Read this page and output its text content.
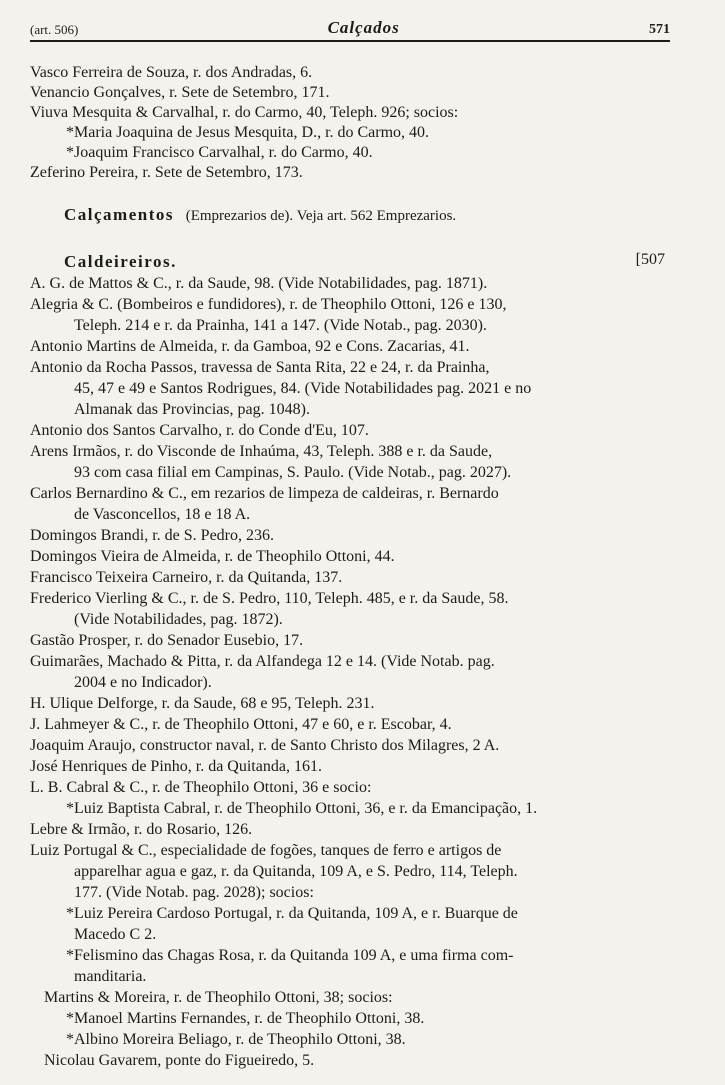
(art. 506)	Calçados	571
Vasco Ferreira de Souza, r. dos Andradas, 6.
Venancio Gonçalves, r. Sete de Setembro, 171.
Viuva Mesquita & Carvalhal, r. do Carmo, 40, Teleph. 926; socios:
*Maria Joaquina de Jesus Mesquita, D., r. do Carmo, 40.
*Joaquim Francisco Carvalhal, r. do Carmo, 40.
Zeferino Pereira, r. Sete de Setembro, 173.
Calçamentos (Emprezarios de). Veja art. 562 Emprezarios.
Caldeireiros.	[507
A. G. de Mattos & C., r. da Saude, 98. (Vide Notabilidades, pag. 1871).
Alegria & C. (Bombeiros e fundidores), r. de Theophilo Ottoni, 126 e 130,
Teleph. 214 e r. da Prainha, 141 a 147. (Vide Notab., pag. 2030).
Antonio Martins de Almeida, r. da Gamboa, 92 e Cons. Zacarias, 41.
Antonio da Rocha Passos, travessa de Santa Rita, 22 e 24, r. da Prainha,
45, 47 e 49 e Santos Rodrigues, 84. (Vide Notabilidades pag. 2021 e no
Almanak das Provincias, pag. 1048).
Antonio dos Santos Carvalho, r. do Conde d'Eu, 107.
Arens Irmãos, r. do Visconde de Inhaúma, 43, Teleph. 388 e r. da Saude,
93 com casa filial em Campinas, S. Paulo. (Vide Notab., pag. 2027).
Carlos Bernardino & C., em rezarios de limpeza de caldeiras, r. Bernardo
de Vasconcellos, 18 e 18 A.
Domingos Brandi, r. de S. Pedro, 236.
Domingos Vieira de Almeida, r. de Theophilo Ottoni, 44.
Francisco Teixeira Carneiro, r. da Quitanda, 137.
Frederico Vierling & C., r. de S. Pedro, 110, Teleph. 485, e r. da Saude, 58.
(Vide Notabilidades, pag. 1872).
Gastão Prosper, r. do Senador Eusebio, 17.
Guimarães, Machado & Pitta, r. da Alfandega 12 e 14. (Vide Notab. pag.
2004 e no Indicador).
H. Ulique Delforge, r. da Saude, 68 e 95, Teleph. 231.
J. Lahmeyer & C., r. de Theophilo Ottoni, 47 e 60, e r. Escobar, 4.
Joaquim Araujo, constructor naval, r. de Santo Christo dos Milagres, 2 A.
José Henriques de Pinho, r. da Quitanda, 161.
L. B. Cabral & C., r. de Theophilo Ottoni, 36 e socio:
*Luiz Baptista Cabral, r. de Theophilo Ottoni, 36, e r. da Emancipação, 1.
Lebre & Irmão, r. do Rosario, 126.
Luiz Portugal & C., especialidade de fogões, tanques de ferro e artigos de
apparelhar agua e gaz, r. da Quitanda, 109 A, e S. Pedro, 114, Teleph.
177. (Vide Notab. pag. 2028); socios:
*Luiz Pereira Cardoso Portugal, r. da Quitanda, 109 A, e r. Buarque de
Macedo C 2.
*Felismino das Chagas Rosa, r. da Quitanda 109 A, e uma firma com-
manditaria.
Martins & Moreira, r. de Theophilo Ottoni, 38; socios:
*Manoel Martins Fernandes, r. de Theophilo Ottoni, 38.
*Albino Moreira Beliago, r. de Theophilo Ottoni, 38.
Nicolau Gavarem, ponte do Figueiredo, 5.
